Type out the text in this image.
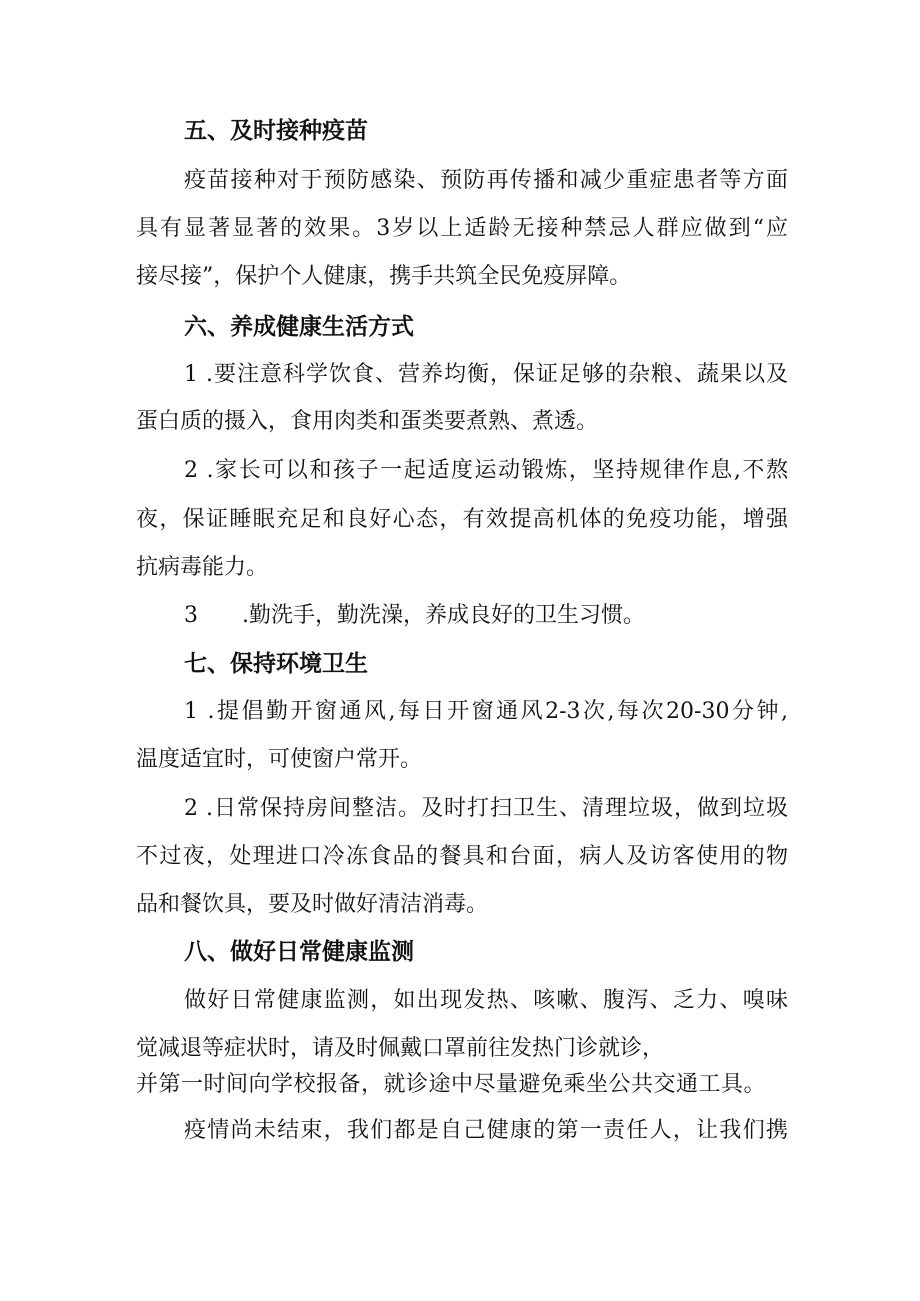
五、及时接种疫苗
疫苗接种对于预防感染、预防再传播和减少重症患者等方面
具有显著显著的效果。3岁以上适龄无接种禁忌人群应做到“应
接尽接”，保护个人健康，携手共筑全民免疫屏障。
六、养成健康生活方式
1 .要注意科学饮食、营养均衡，保证足够的杂粮、蔬果以及
蛋白质的摄入，食用肉类和蛋类要煮熟、煮透。
2 .家长可以和孩子一起适度运动锻炼，坚持规律作息,不熬
夜，保证睡眠充足和良好心态，有效提高机体的免疫功能，增强
抗病毒能力。
3　　.勤洗手，勤洗澡，养成良好的卫生习惯。
七、保持环境卫生
1 .提倡勤开窗通风,每日开窗通风2-3次,每次20-30分钟,
温度适宜时，可使窗户常开。
2 .日常保持房间整洁。及时打扫卫生、清理垃圾，做到垃圾
不过夜，处理进口冷冻食品的餐具和台面，病人及访客使用的物
品和餐饮具，要及时做好清洁消毒。
八、做好日常健康监测
做好日常健康监测，如出现发热、咳嗽、腹泻、乏力、嗅味
觉减退等症状时，请及时佩戴口罩前往发热门诊就诊，
并第一时间向学校报备，就诊途中尽量避免乘坐公共交通工具。
疫情尚未结束，我们都是自己健康的第一责任人，让我们携
